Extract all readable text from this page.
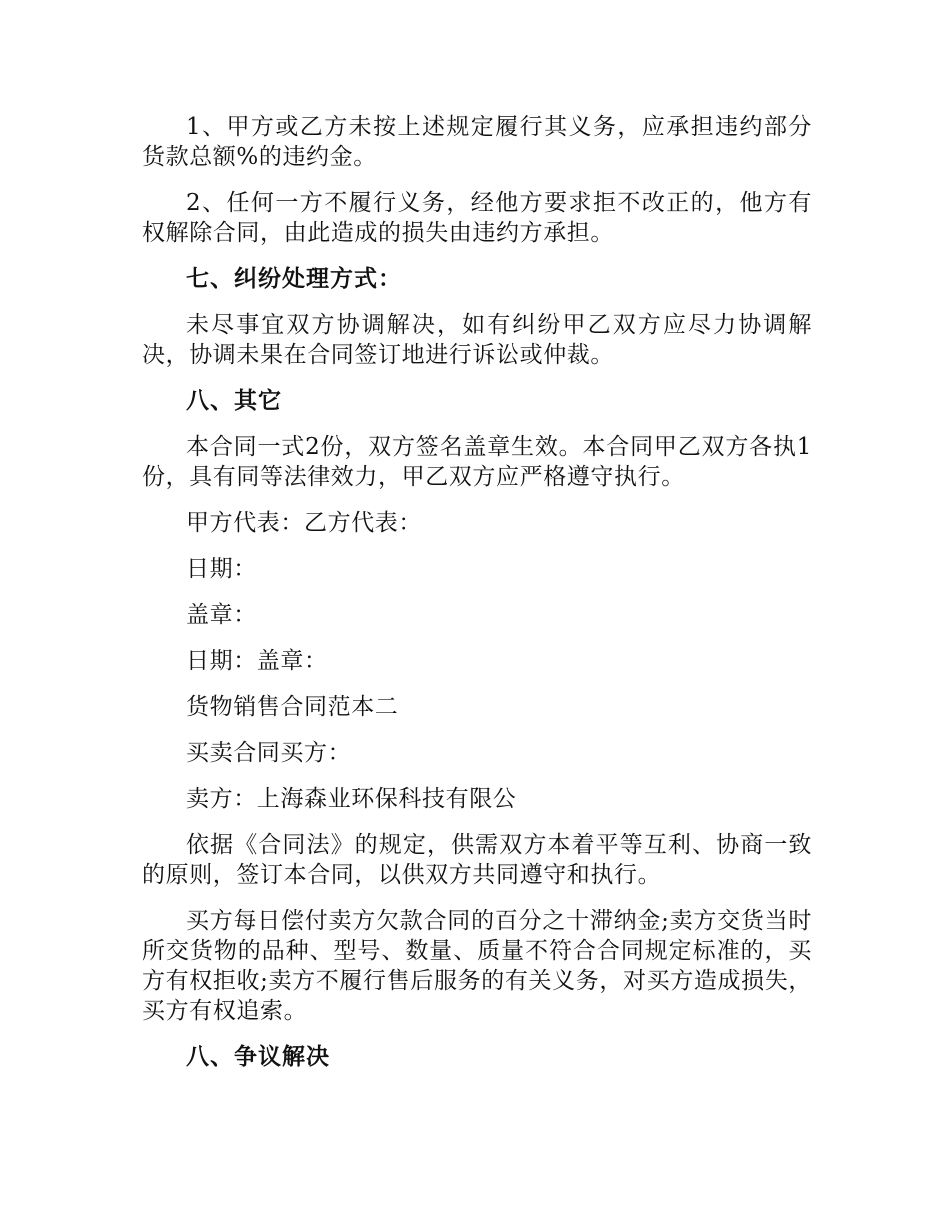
1、甲方或乙方未按上述规定履行其义务，应承担违约部分货款总额%的违约金。

2、任何一方不履行义务，经他方要求拒不改正的，他方有权解除合同，由此造成的损失由违约方承担。

七、纠纷处理方式：

未尽事宜双方协调解决，如有纠纷甲乙双方应尽力协调解决，协调未果在合同签订地进行诉讼或仲裁。

八、其它

本合同一式2份，双方签名盖章生效。本合同甲乙双方各执1份，具有同等法律效力，甲乙双方应严格遵守执行。

甲方代表：乙方代表：

日期：

盖章：

日期：盖章：

货物销售合同范本二

买卖合同买方：

卖方：上海森业环保科技有限公

依据《合同法》的规定，供需双方本着平等互利、协商一致的原则，签订本合同，以供双方共同遵守和执行。

买方每日偿付卖方欠款合同的百分之十滞纳金;卖方交货当时所交货物的品种、型号、数量、质量不符合合同规定标准的，买方有权拒收;卖方不履行售后服务的有关义务，对买方造成损失，买方有权追索。

八、争议解决
